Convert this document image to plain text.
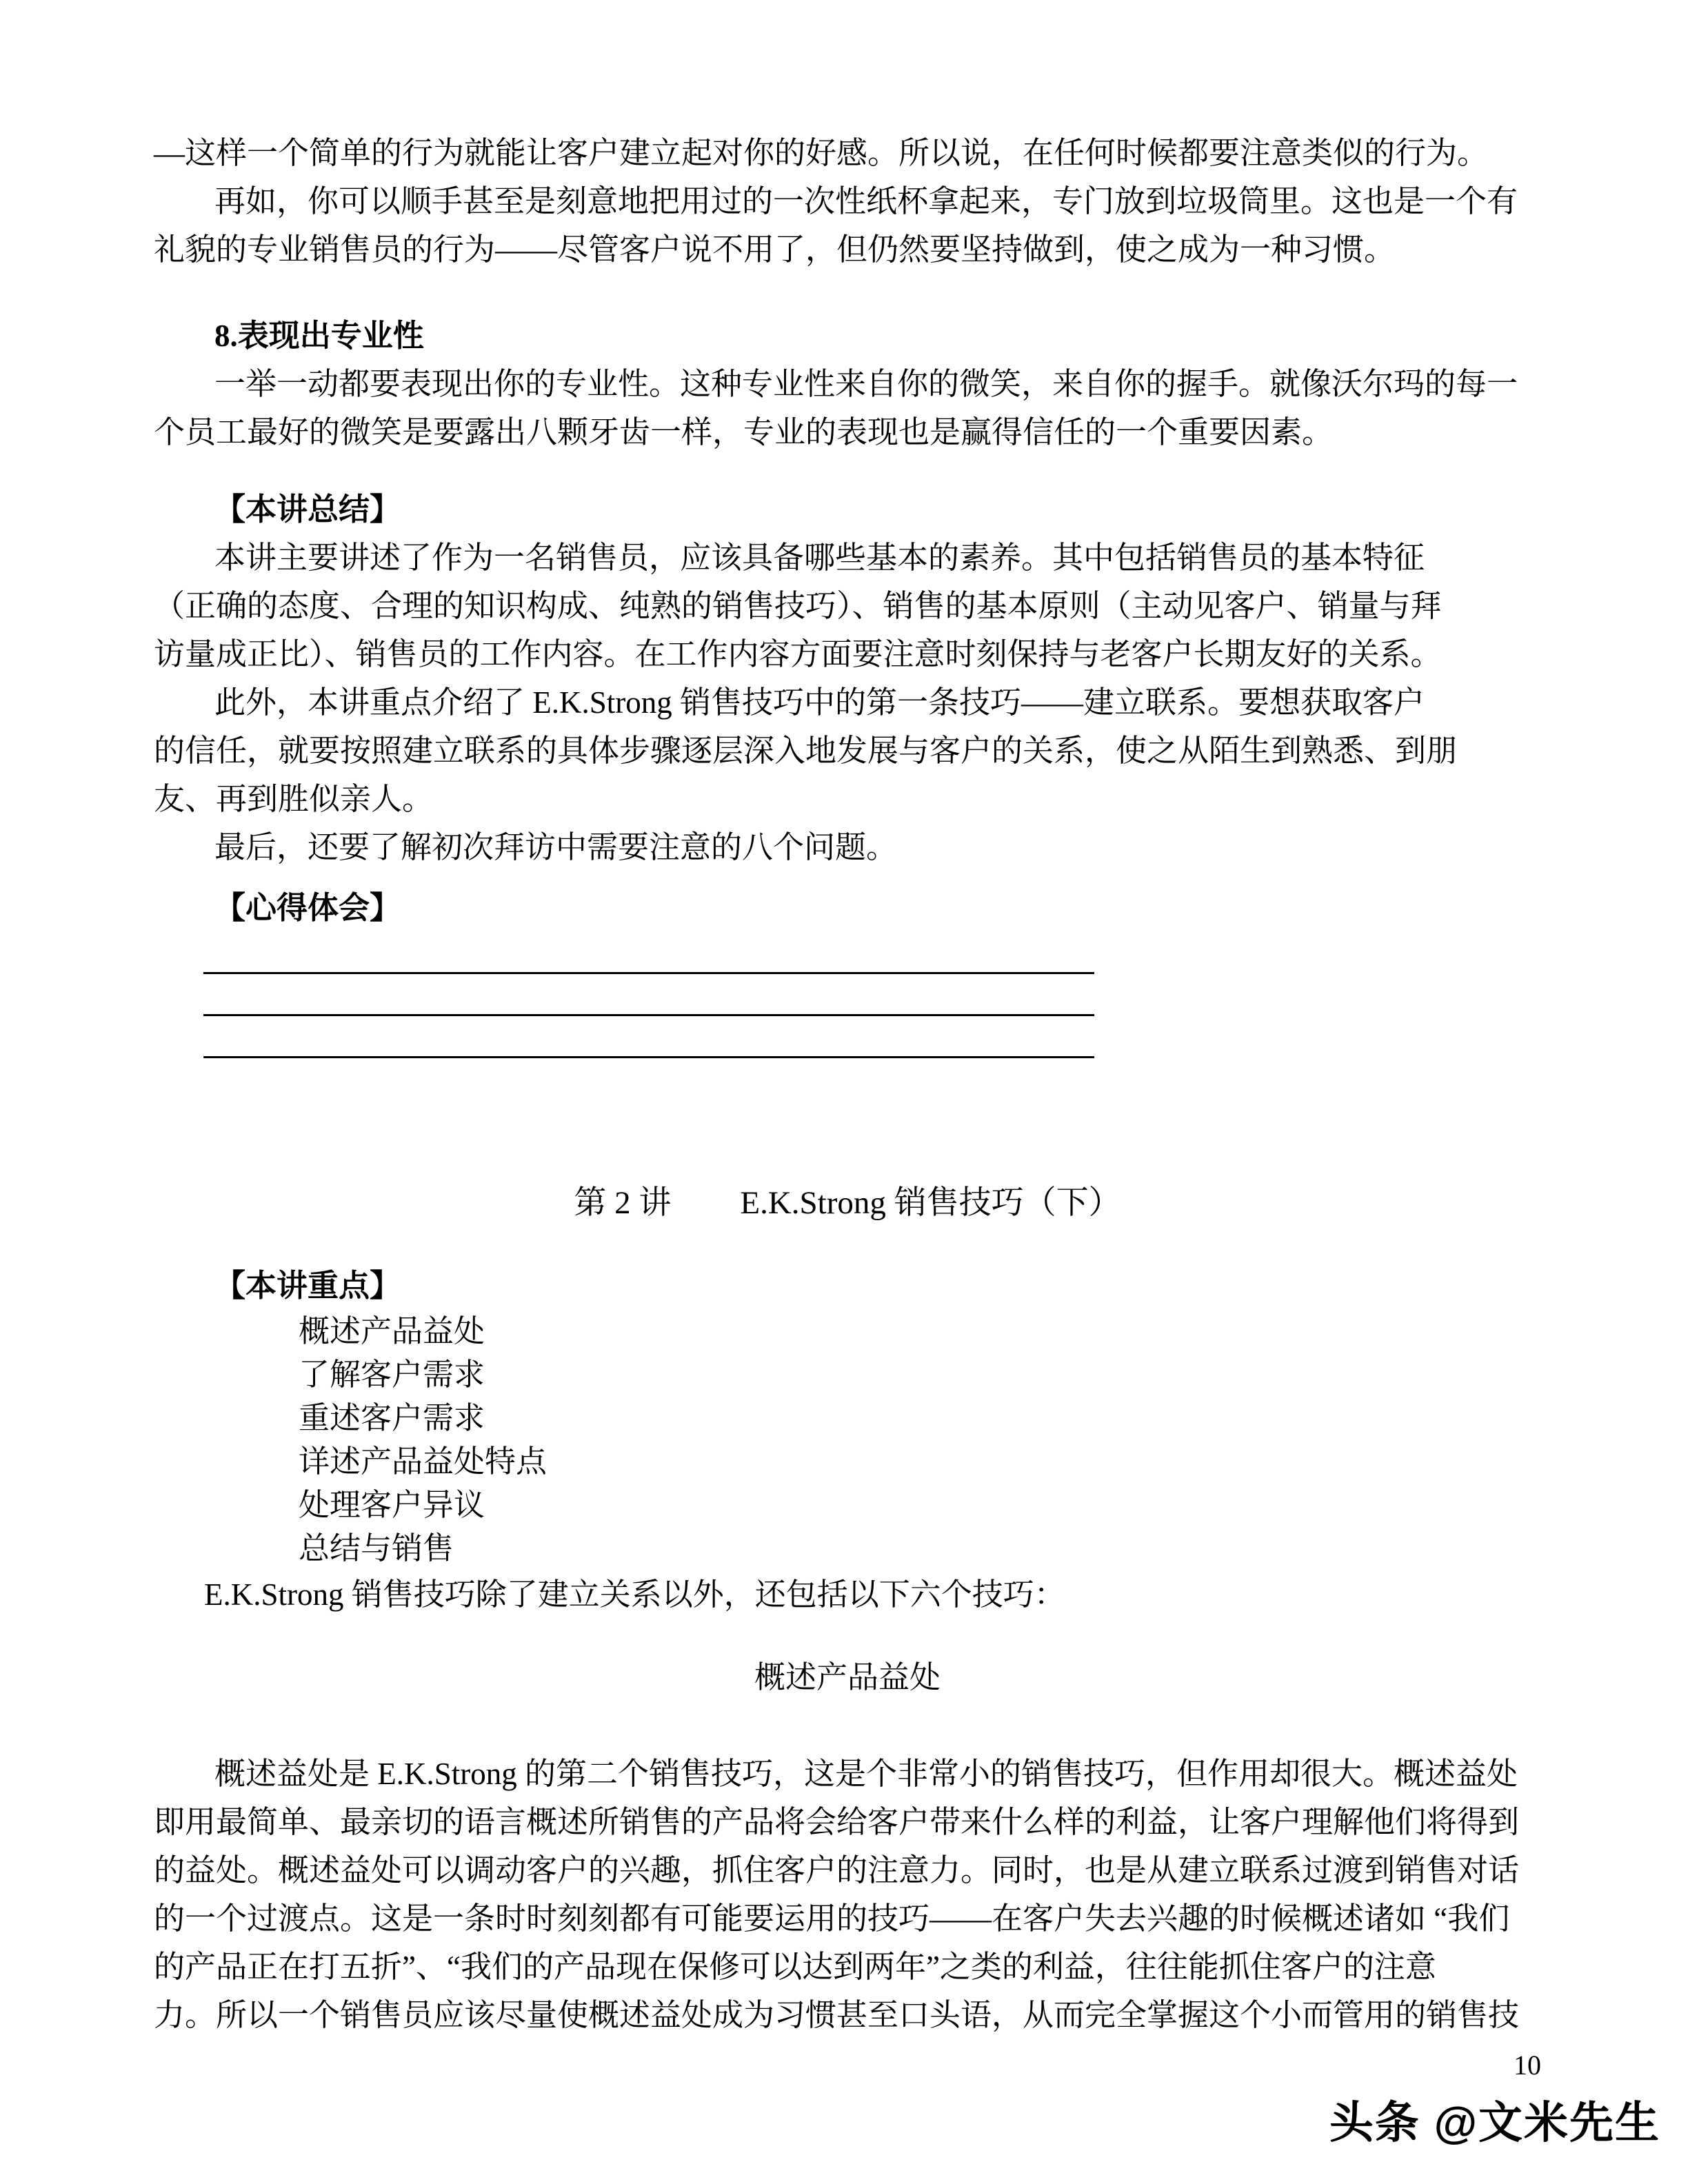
—这样一个简单的行为就能让客户建立起对你的好感。所以说，在任何时候都要注意类似的行为。
再如，你可以顺手甚至是刻意地把用过的一次性纸杯拿起来，专门放到垃圾筒里。这也是一个有
礼貌的专业销售员的行为——尽管客户说不用了，但仍然要坚持做到，使之成为一种习惯。
8.表现出专业性
一举一动都要表现出你的专业性。这种专业性来自你的微笑，来自你的握手。就像沃尔玛的每一
个员工最好的微笑是要露出八颗牙齿一样，专业的表现也是赢得信任的一个重要因素。
【本讲总结】
本讲主要讲述了作为一名销售员，应该具备哪些基本的素养。其中包括销售员的基本特征
（正确的态度、合理的知识构成、纯熟的销售技巧）、销售的基本原则（主动见客户、销量与拜
访量成正比）、销售员的工作内容。在工作内容方面要注意时刻保持与老客户长期友好的关系。
此外，本讲重点介绍了 E.K.Strong 销售技巧中的第一条技巧——建立联系。要想获取客户
的信任，就要按照建立联系的具体步骤逐层深入地发展与客户的关系，使之从陌生到熟悉、到朋
友、再到胜似亲人。
最后，还要了解初次拜访中需要注意的八个问题。
【心得体会】
第 2 讲 E.K.Strong 销售技巧（下）
【本讲重点】
概述产品益处
了解客户需求
重述客户需求
详述产品益处特点
处理客户异议
总结与销售
E.K.Strong 销售技巧除了建立关系以外，还包括以下六个技巧：
概述产品益处
概述益处是 E.K.Strong 的第二个销售技巧，这是个非常小的销售技巧，但作用却很大。概述益处
即用最简单、最亲切的语言概述所销售的产品将会给客户带来什么样的利益，让客户理解他们将得到
的益处。概述益处可以调动客户的兴趣，抓住客户的注意力。同时，也是从建立联系过渡到销售对话
的一个过渡点。这是一条时时刻刻都有可能要运用的技巧——在客户失去兴趣的时候概述诸如 “我们
的产品正在打五折”、“我们的产品现在保修可以达到两年”之类的利益，往往能抓住客户的注意
力。所以一个销售员应该尽量使概述益处成为习惯甚至口头语，从而完全掌握这个小而管用的销售技
10
头条 @文米先生
